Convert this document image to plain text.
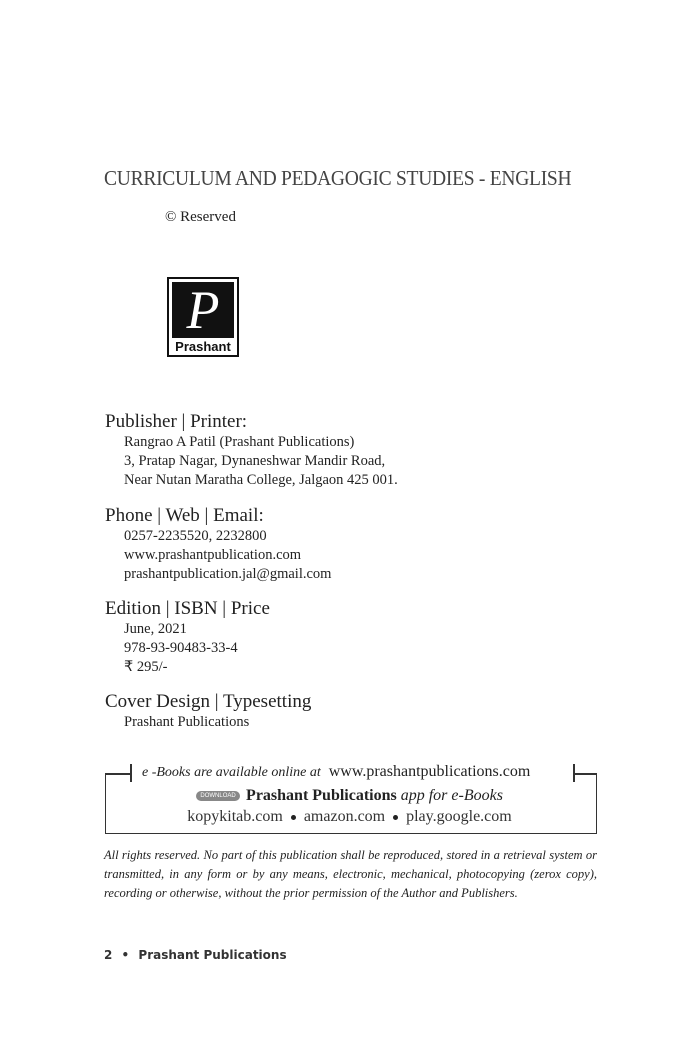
CURRICULUM AND PEDAGOGIC STUDIES - ENGLISH
© Reserved
P
Prashant
Publisher | Printer:
Rangrao A Patil (Prashant Publications)
3, Pratap Nagar, Dynaneshwar Mandir Road,
Near Nutan Maratha College, Jalgaon 425 001.
Phone | Web | Email:
0257-2235520, 2232800
www.prashantpublication.com
prashantpublication.jal@gmail.com
Edition | ISBN | Price
June, 2021
978-93-90483-33-4
₹ 295/-
Cover Design | Typesetting
Prashant Publications
e -Books are available online at www.prashantpublications.com
DOWNLOAD Prashant Publications app for e-Books
kopykitab.com amazon.com play.google.com
All rights reserved. No part of this publication shall be reproduced, stored in a retrieval system or transmitted, in any form or by any means, electronic, mechanical, photocopying (zerox copy), recording or otherwise, without the prior permission of the Author and Publishers.
2 • Prashant Publications
